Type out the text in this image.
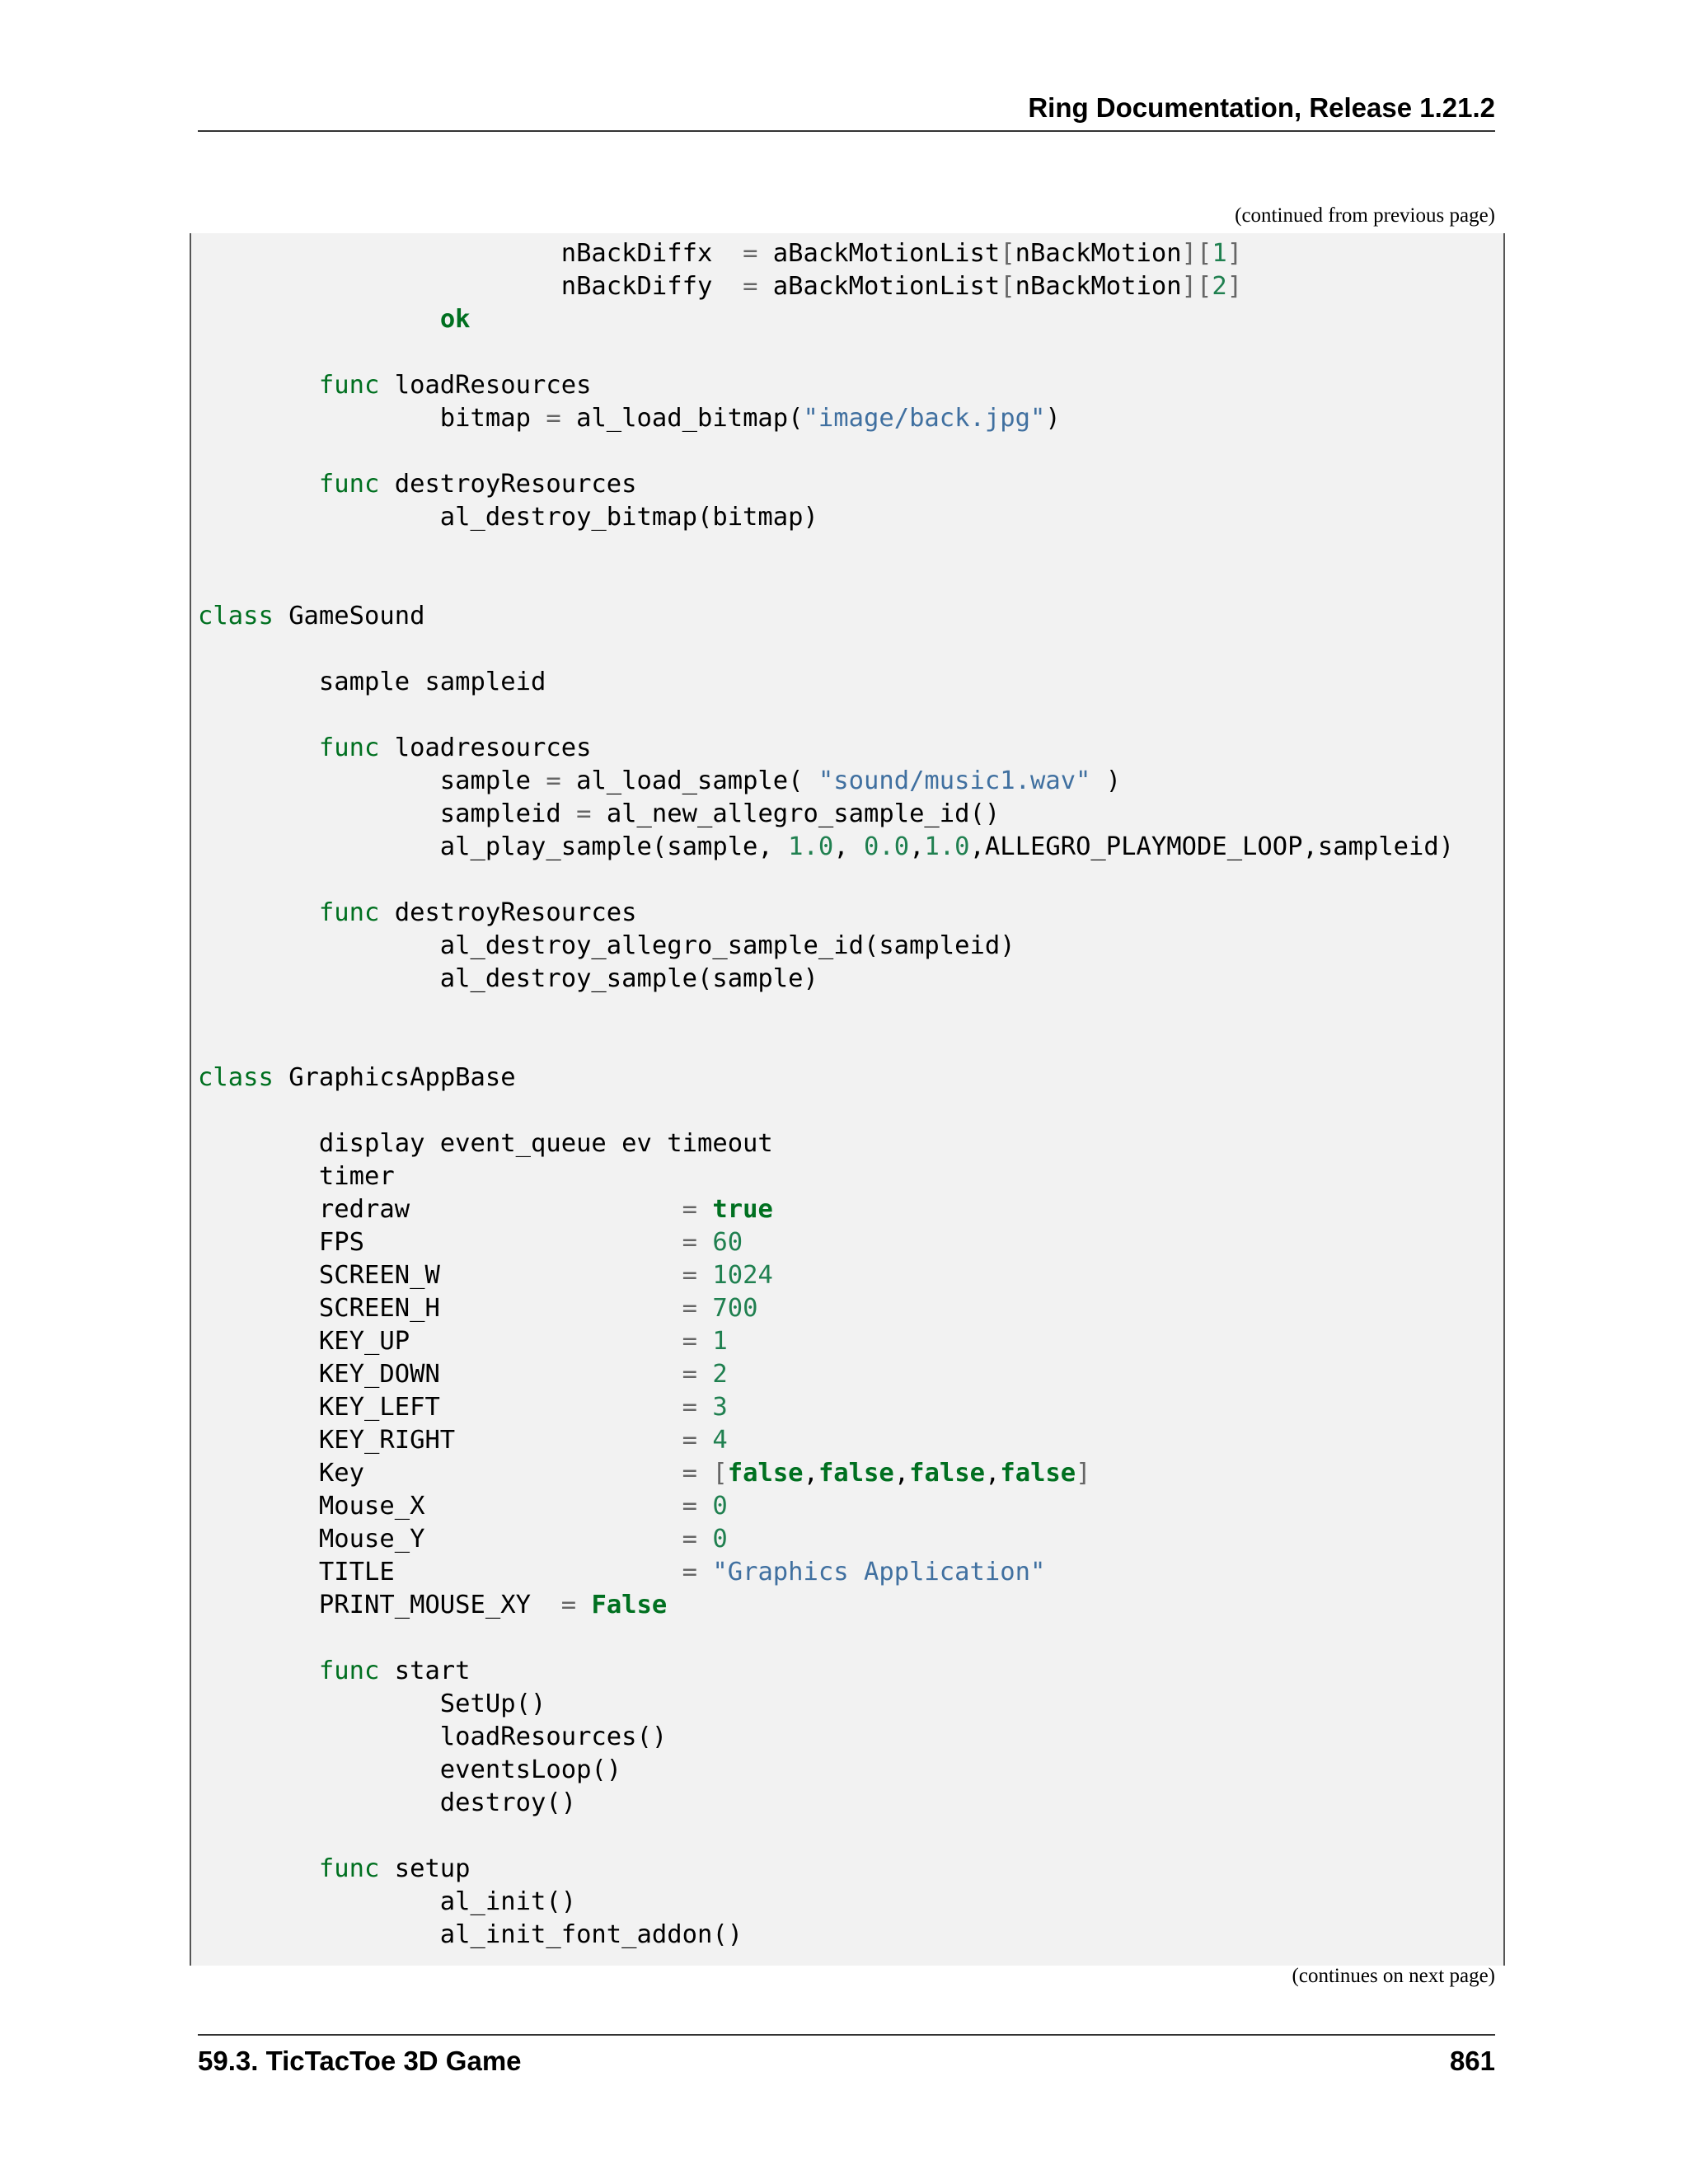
Ring Documentation, Release 1.21.2
(continued from previous page)
nBackDiffx  = aBackMotionList[nBackMotion][1]
nBackDiffy  = aBackMotionList[nBackMotion][2]
ok
func loadResources
bitmap = al_load_bitmap("image/back.jpg")
func destroyResources
al_destroy_bitmap(bitmap)
class GameSound
sample sampleid
func loadresources
sample = al_load_sample( "sound/music1.wav" )
sampleid = al_new_allegro_sample_id()
al_play_sample(sample, 1.0, 0.0,1.0,ALLEGRO_PLAYMODE_LOOP,sampleid)
func destroyResources
al_destroy_allegro_sample_id(sampleid)
al_destroy_sample(sample)
class GraphicsAppBase
display event_queue ev timeout
timer
redraw                  = true
FPS                     = 60
SCREEN_W                = 1024
SCREEN_H                = 700
KEY_UP                  = 1
KEY_DOWN                = 2
KEY_LEFT                = 3
KEY_RIGHT               = 4
Key                     = [false,false,false,false]
Mouse_X                 = 0
Mouse_Y                 = 0
TITLE                   = "Graphics Application"
PRINT_MOUSE_XY  = False
func start
SetUp()
loadResources()
eventsLoop()
destroy()
func setup
al_init()
al_init_font_addon()
(continues on next page)
59.3. TicTacToe 3D Game	861
